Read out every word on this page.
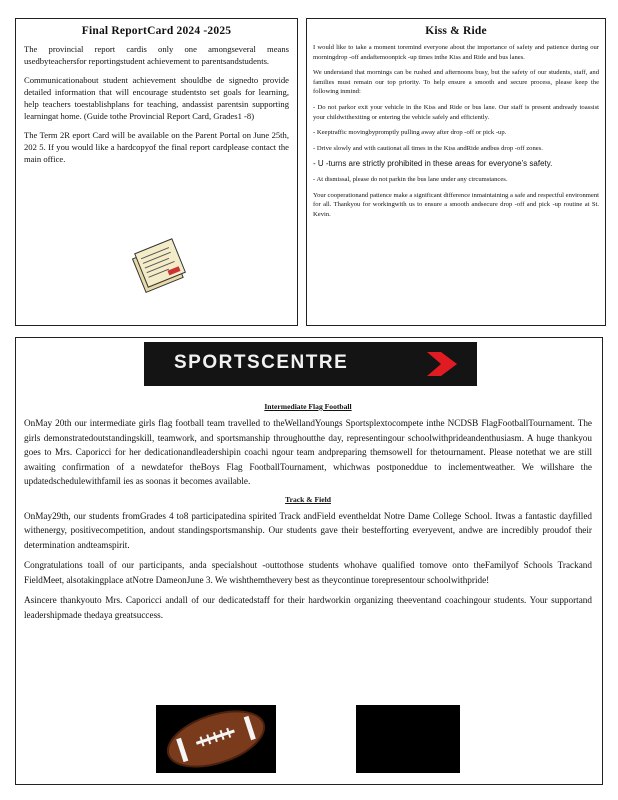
Final ReportCard 2024 -2025

The provincial report cardis only one amongseveral means usedbyteachersfor reportingstudent achievement to parentsandstudents.

Communicationabout student achievement shouldbe de signedto provide detailed information that will encourage studentsto set goals for learning, help teachers toestablishplans for teaching, andassist parentsin supporting learningat home. (Guide tothe Provincial Report Card, Grades1 -8)

The Term 2R eport Card will be available on the Parent Portal on June 25th, 202 5. If you would like a hardcopyof the final report cardplease contact the main office.

Kiss & Ride

I would like to take a moment toremind everyone about the importance of safety and patience during our morningdrop -off andaftemoonpick -up times inthe Kiss and Ride and bus lanes.

We understand that mornings can be rushed and afternoons busy, but the safety of our students, staff, and families must remain our top priority. To help ensure a smooth and secure process, please keep the following inmind:

- Do not parkor exit your vehicle in the Kiss and Ride or bus lane. Our staff is present andready toassist your childwithexiting or entering the vehicle safely and efficiently.

- Keeptraffic movingbypromptly pulling away after drop -off or pick -up.

- Drive slowly and with cautionat all times in the Kiss andRide andbus drop -off zones.

- U -turns are strictly prohibited in these areas for everyone’s safety.

- At dismissal, please do not parkin the bus lane under any circumstances.

Your cooperationand patience make a significant difference inmaintaining a safe and respectful environment for all. Thankyou for workingwith us to ensure a smooth andsecure drop -off and pick -up routine at St. Kevin.

SPORTSCENTRE
Intermediate Flag Football

OnMay 20th our intermediate girls flag football team travelled to theWellandYoungs Sportsplextocompete inthe NCDSB FlagFootballTournament. The girls demonstratedoutstandingskill, teamwork, and sportsmanship throughoutthe day, representingour schoolwithprideandenthusiasm. A huge thankyou goes to Mrs. Caporicci for her dedicationandleadershipin coachi ngour team andpreparing themsowell for thetournament. Please notethat we are still awaiting confirmation of a newdatefor theBoys Flag FootballTournament, whichwas postponeddue to inclementweather. We willshare the updatedschedulewithfamil ies as soonas it becomes available.

Track & Field

OnMay29th, our students fromGrades 4 to8 participatedina spirited Track andField eventheldat Notre Dame College School. Itwas a fantastic dayfilled withenergy, positivecompetition, andout standingsportsmanship. Our students gave their bestefforting everyevent, andwe are incredibly proudof their determination andteamspirit.

Congratulations toall of our participants, anda specialshout -outtothose students whohave qualified tomove onto theFamilyof Schools Trackand FieldMeet, alsotakingplace atNotre DameonJune 3. We wishthemthevery best as theycontinue torepresentour schoolwithpride!

Asincere thankyouto Mrs. Caporicci andall of our dedicatedstaff for their hardworkin organizing theeventand coachingour students. Your supportand leadershipmade thedaya greatsuccess.
